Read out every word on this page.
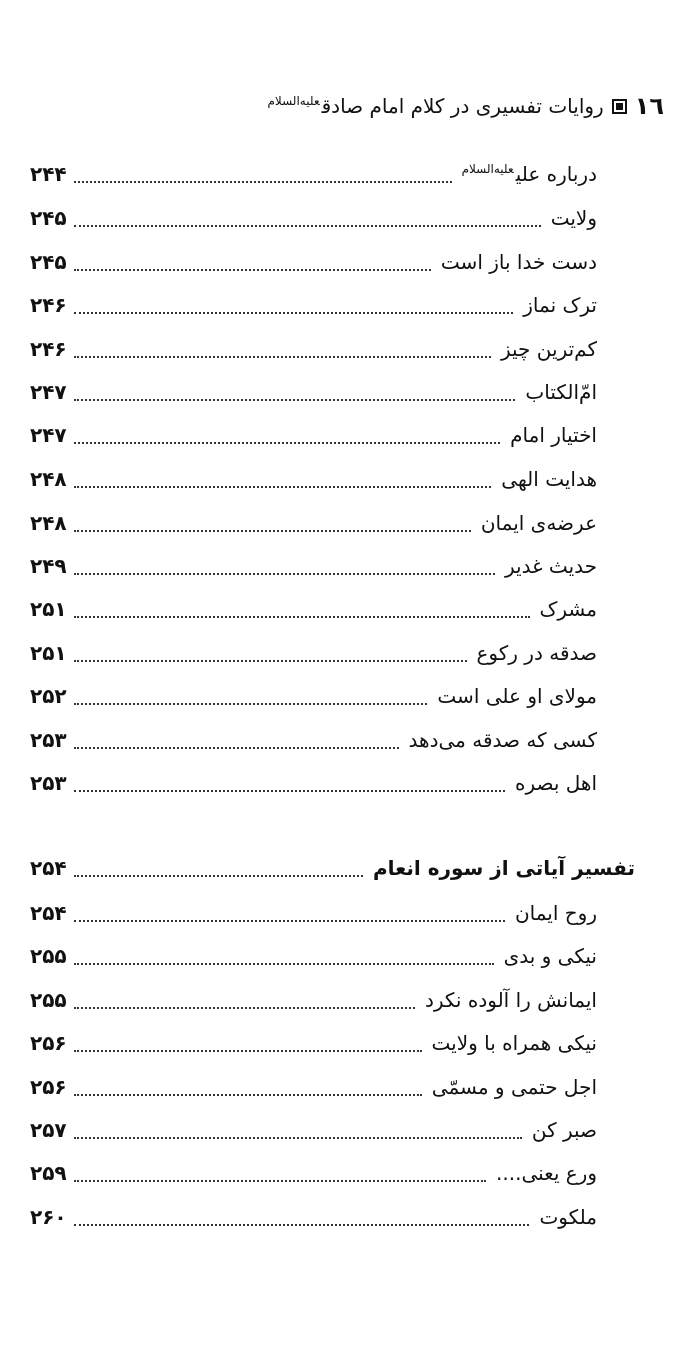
١٦
روایات تفسیری در کلام امام صادق$^{عليه‌السلام}$
درباره علی$^{عليه‌السلام}$
۲۴۴
ولایت
۲۴۵
دست خدا باز است
۲۴۵
ترک نماز
۲۴۶
کم‌ترین چیز
۲۴۶
امّ‌الکتاب
۲۴۷
اختیار امام
۲۴۷
هدایت الهی
۲۴۸
عرضه‌ی ایمان
۲۴۸
حدیث غدیر
۲۴۹
مشرک
۲۵۱
صدقه در رکوع
۲۵۱
مولای او علی است
۲۵۲
کسی که صدقه می‌دهد
۲۵۳
اهل بصره
۲۵۳
تفسیر آیاتی از سوره انعام
۲۵۴
روح ایمان
۲۵۴
نیکی و بدی
۲۵۵
ایمانش را آلوده نکرد
۲۵۵
نیکی همراه با ولایت
۲۵۶
اجل حتمی و مسمّی
۲۵۶
صبر کن
۲۵۷
ورع یعنی....
۲۵۹
ملکوت
۲۶۰
